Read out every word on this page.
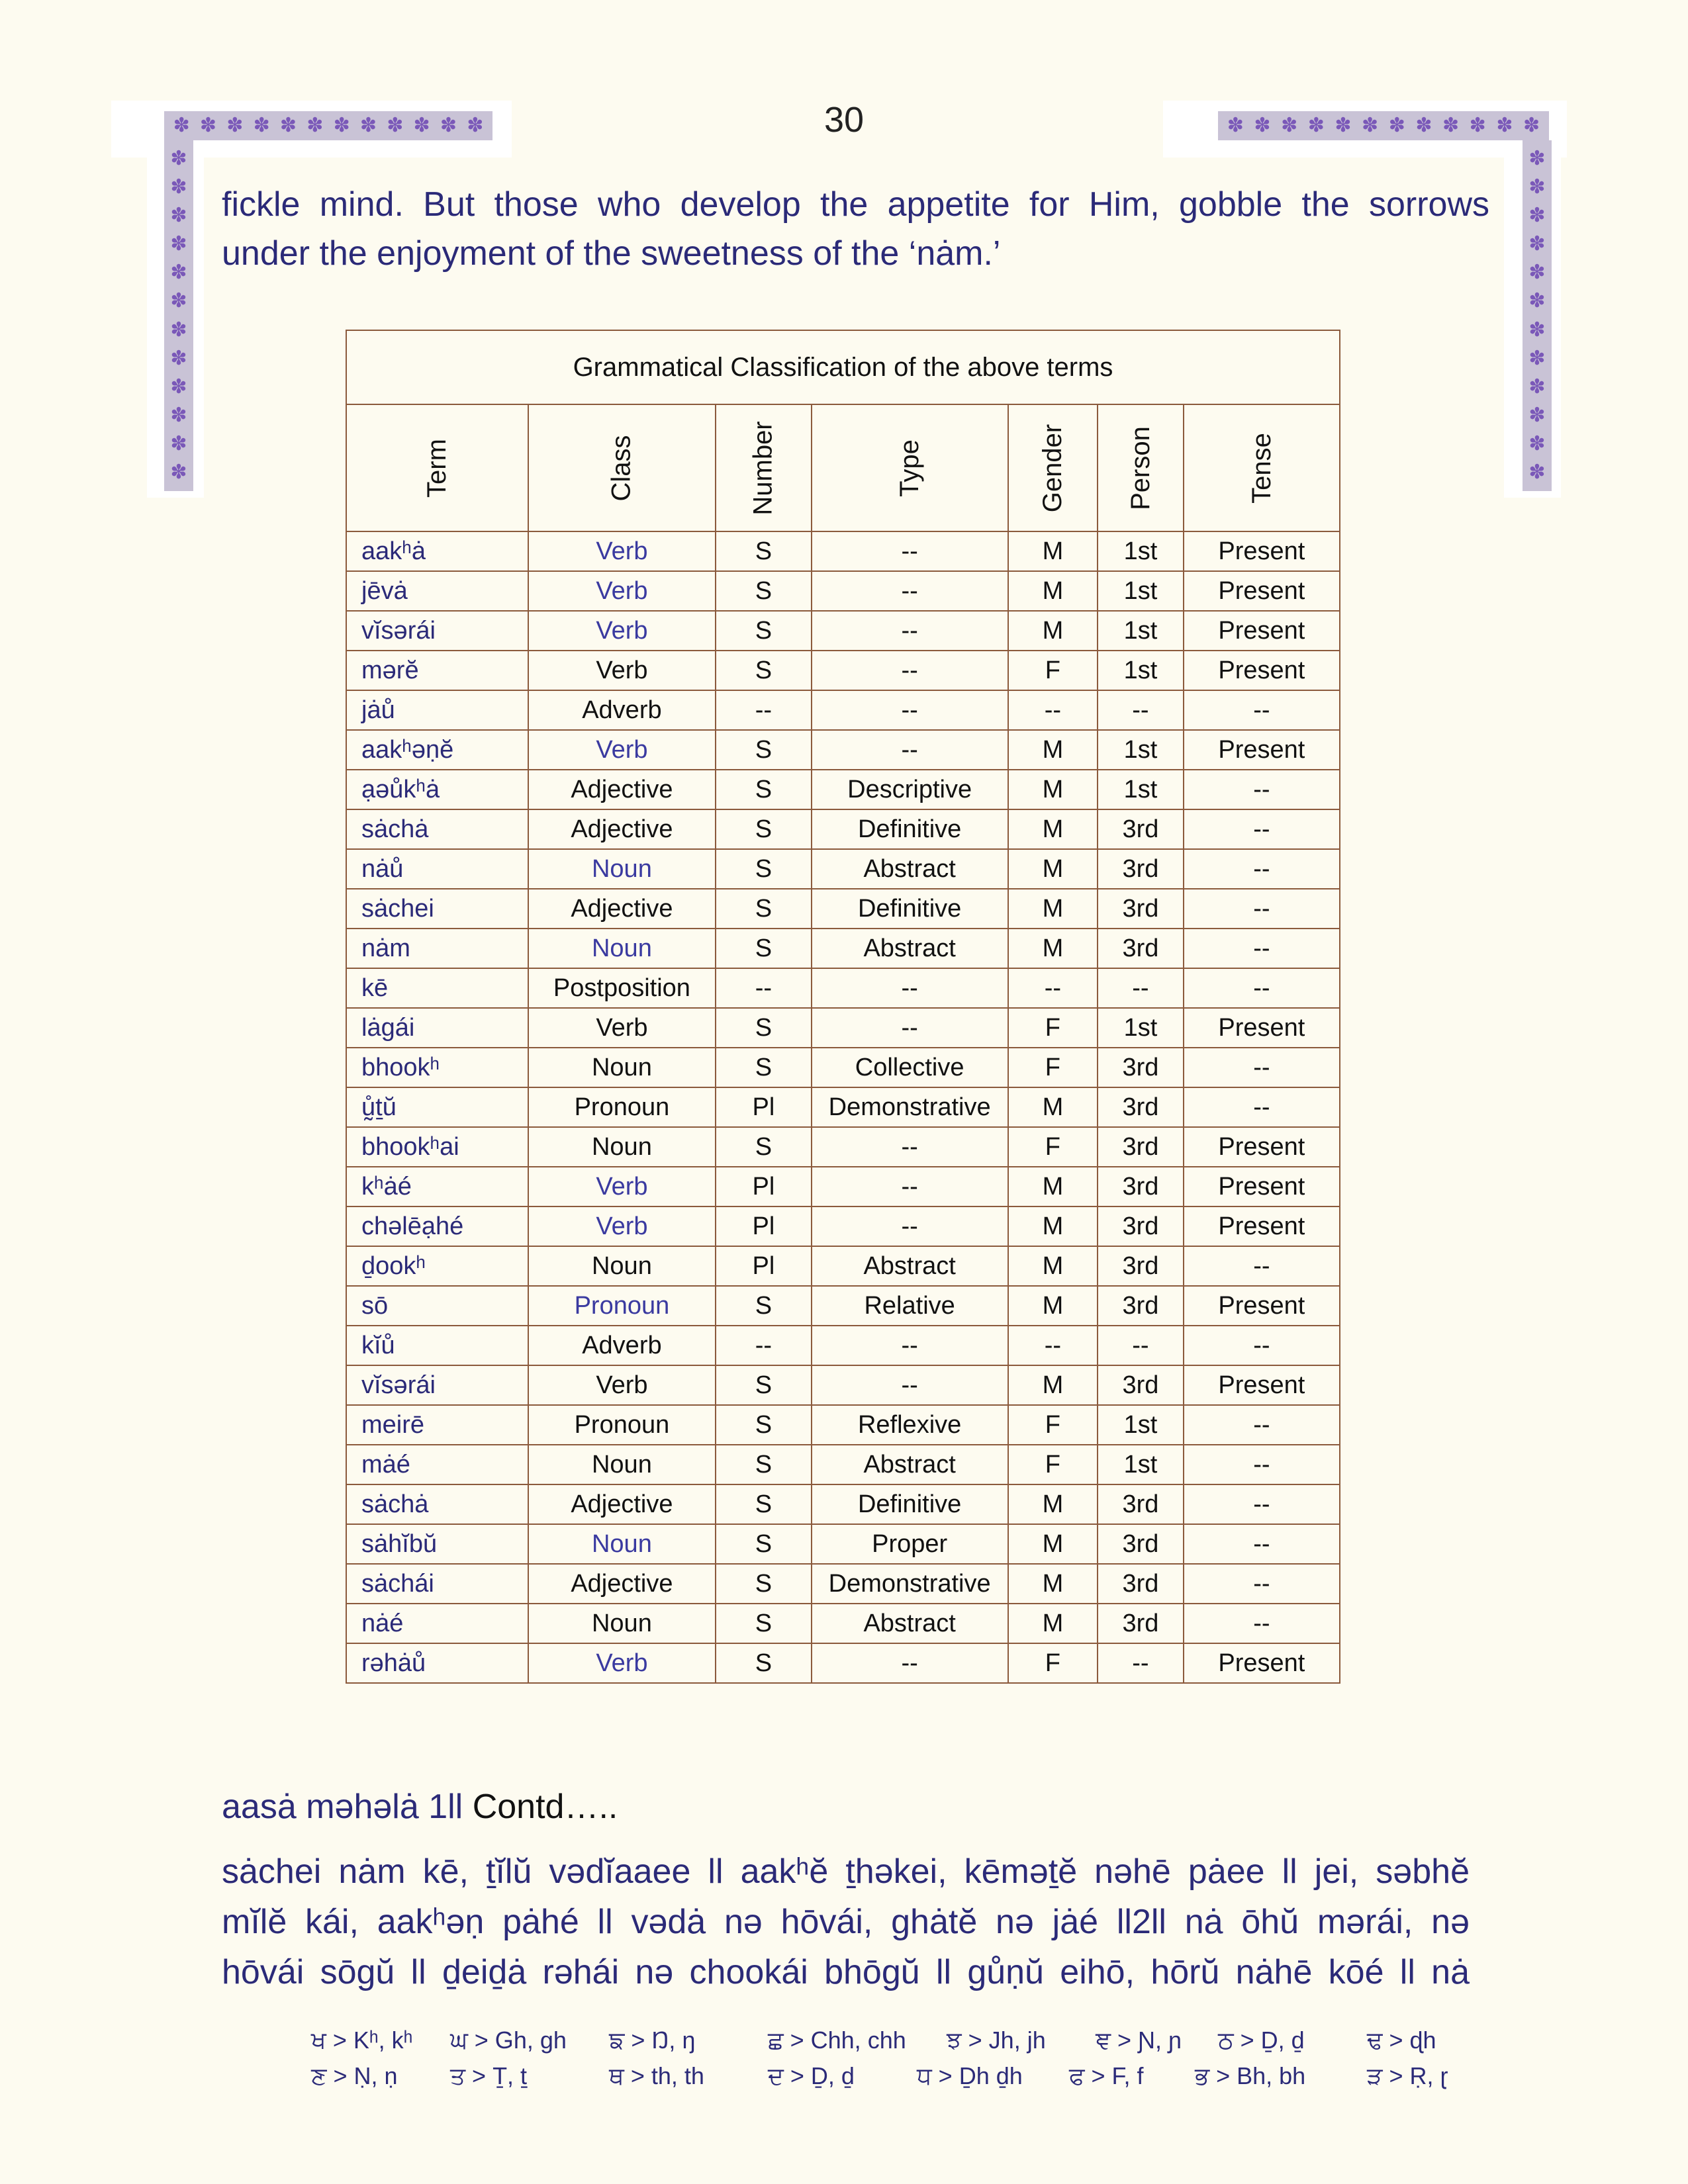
30
✽ ✽ ✽ ✽ ✽ ✽ ✽ ✽ ✽ ✽ ✽ ✽
✽
✽
✽
✽
✽
✽
✽
✽
✽
✽
✽
✽
✽ ✽ ✽ ✽ ✽ ✽ ✽ ✽ ✽ ✽ ✽ ✽
✽
✽
✽
✽
✽
✽
✽
✽
✽
✽
✽
✽
fickle mind. But those who develop the appetite for Him, gobble the sorrows
under the enjoyment of the sweetness of the ‘nȧm.’
Grammatical Classification of the above terms						

Term	Class	Number	Type	Gender	Person	Tense

aakʰȧ	Verb	S	--	M	1st	Present
jēvȧ	Verb	S	--	M	1st	Present
vĭsərái	Verb	S	--	M	1st	Present
mərĕ	Verb	S	--	F	1st	Present
jȧů	Adverb	--	--	--	--	--
aakʰəṇĕ	Verb	S	--	M	1st	Present
ạəůkʰȧ	Adjective	S	Descriptive	M	1st	--
sȧchȧ	Adjective	S	Definitive	M	3rd	--
nȧů	Noun	S	Abstract	M	3rd	--
sȧchei	Adjective	S	Definitive	M	3rd	--
nȧm	Noun	S	Abstract	M	3rd	--
kē	Postposition	--	--	--	--	--
lȧgái	Verb	S	--	F	1st	Present
bhookʰ	Noun	S	Collective	F	3rd	--
ṵ̊ṯŭ	Pronoun	Pl	Demonstrative	M	3rd	--
bhookʰai	Noun	S	--	F	3rd	Present
kʰȧé	Verb	Pl	--	M	3rd	Present
chəlēạhé	Verb	Pl	--	M	3rd	Present
ḏookʰ	Noun	Pl	Abstract	M	3rd	--
sō	Pronoun	S	Relative	M	3rd	Present
kĭů	Adverb	--	--	--	--	--
vĭsərái	Verb	S	--	M	3rd	Present
meirē	Pronoun	S	Reflexive	F	1st	--
mȧé	Noun	S	Abstract	F	1st	--
sȧchȧ	Adjective	S	Definitive	M	3rd	--
sȧhĭbŭ	Noun	S	Proper	M	3rd	--
sȧchái	Adjective	S	Demonstrative	M	3rd	--
nȧé	Noun	S	Abstract	M	3rd	--
rəhȧů	Verb	S	--	F	--	Present
aasȧ məhəlȧ 1ll Contd…..
sȧchei nȧm kē, ṯĭlŭ vədĭaaee ll aakʰĕ ṯhəkei, kēməṯĕ nəhē pȧee ll jei, səbhĕ
mĭlĕ kái, aakʰəṇ pȧhé ll vədȧ nə hōvái, ghȧtĕ nə jȧé ll2ll nȧ ōhŭ mərái, nə
hōvái sōgŭ ll ḏeiḏȧ rəhái nə chookái bhōgŭ ll gůṇŭ eihō, hōrŭ nȧhē kōé ll nȧ
ਖ > Kʰ, kʰ	ਘ > Gh, gh	ਙ > Ŋ, ŋ	ਛ > Chh, chh	ਝ > Jh, jh	ਞ > Ɲ, ɲ	ਠ > Ḏ, ḏ	ਢ > ɖh
ਣ > Ṇ, ṇ	ਤ > Ṯ, ṯ	ਥ > th, th	ਦ > Ḏ, ḏ	ਧ > Ḏh ḏh	ਫ > F, f	ਭ > Bh, bh	ੜ > Ṛ, ɽ
